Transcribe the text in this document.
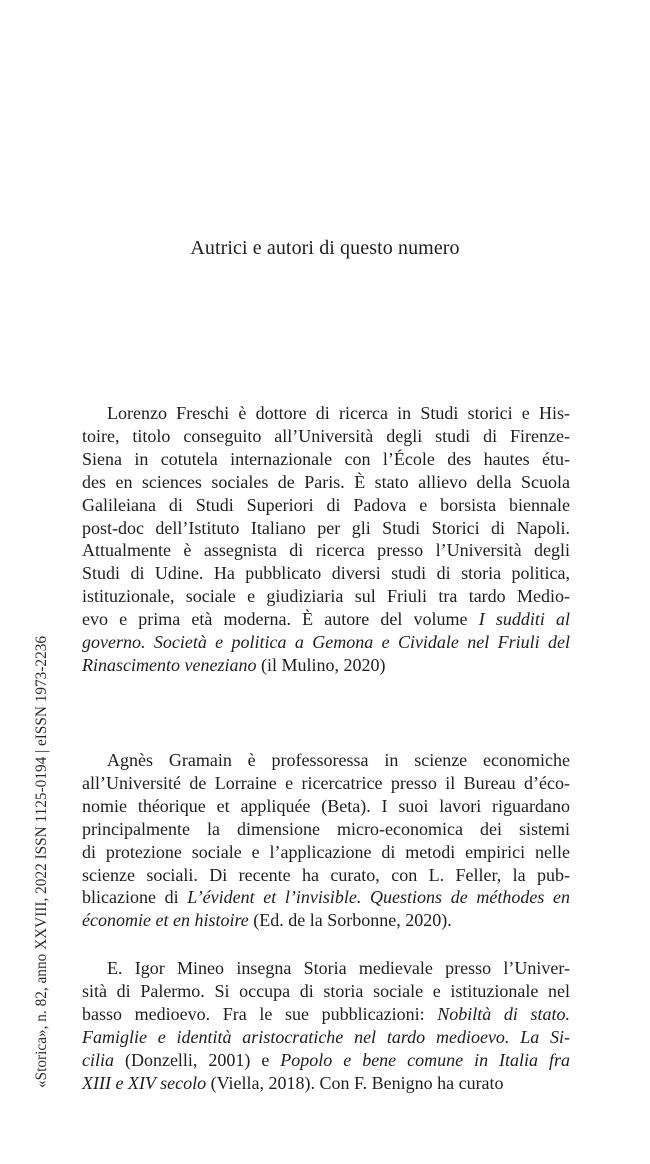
Autrici e autori di questo numero
Lorenzo Freschi è dottore di ricerca in Studi storici e His-
toire, titolo conseguito all’Università degli studi di Firenze-
Siena in cotutela internazionale con l’École des hautes étu-
des en sciences sociales de Paris. È stato allievo della Scuola
Galileiana di Studi Superiori di Padova e borsista biennale
post-doc dell’Istituto Italiano per gli Studi Storici di Napoli.
Attualmente è assegnista di ricerca presso l’Università degli
Studi di Udine. Ha pubblicato diversi studi di storia politica,
istituzionale, sociale e giudiziaria sul Friuli tra tardo Medio-
evo e prima età moderna. È autore del volume I sudditi al
governo. Società e politica a Gemona e Cividale nel Friuli del
Rinascimento veneziano (il Mulino, 2020)
Agnès Gramain è professoressa in scienze economiche
all’Université de Lorraine e ricercatrice presso il Bureau d’éco-
nomie théorique et appliquée (Beta). I suoi lavori riguardano
principalmente la dimensione micro-economica dei sistemi
di protezione sociale e l’applicazione di metodi empirici nelle
scienze sociali. Di recente ha curato, con L. Feller, la pub-
blicazione di L’évident et l’invisible. Questions de méthodes en
économie et en histoire (Ed. de la Sorbonne, 2020).
E. Igor Mineo insegna Storia medievale presso l’Univer-
sità di Palermo. Si occupa di storia sociale e istituzionale nel
basso medioevo. Fra le sue pubblicazioni: Nobiltà di stato.
Famiglie e identità aristocratiche nel tardo medioevo. La Si-
cilia (Donzelli, 2001) e Popolo e bene comune in Italia fra
XIII e XIV secolo (Viella, 2018). Con F. Benigno ha curato
«Storica», n. 82, anno XXVIII, 2022 ISSN 1125-0194 | eISSN 1973-2236
